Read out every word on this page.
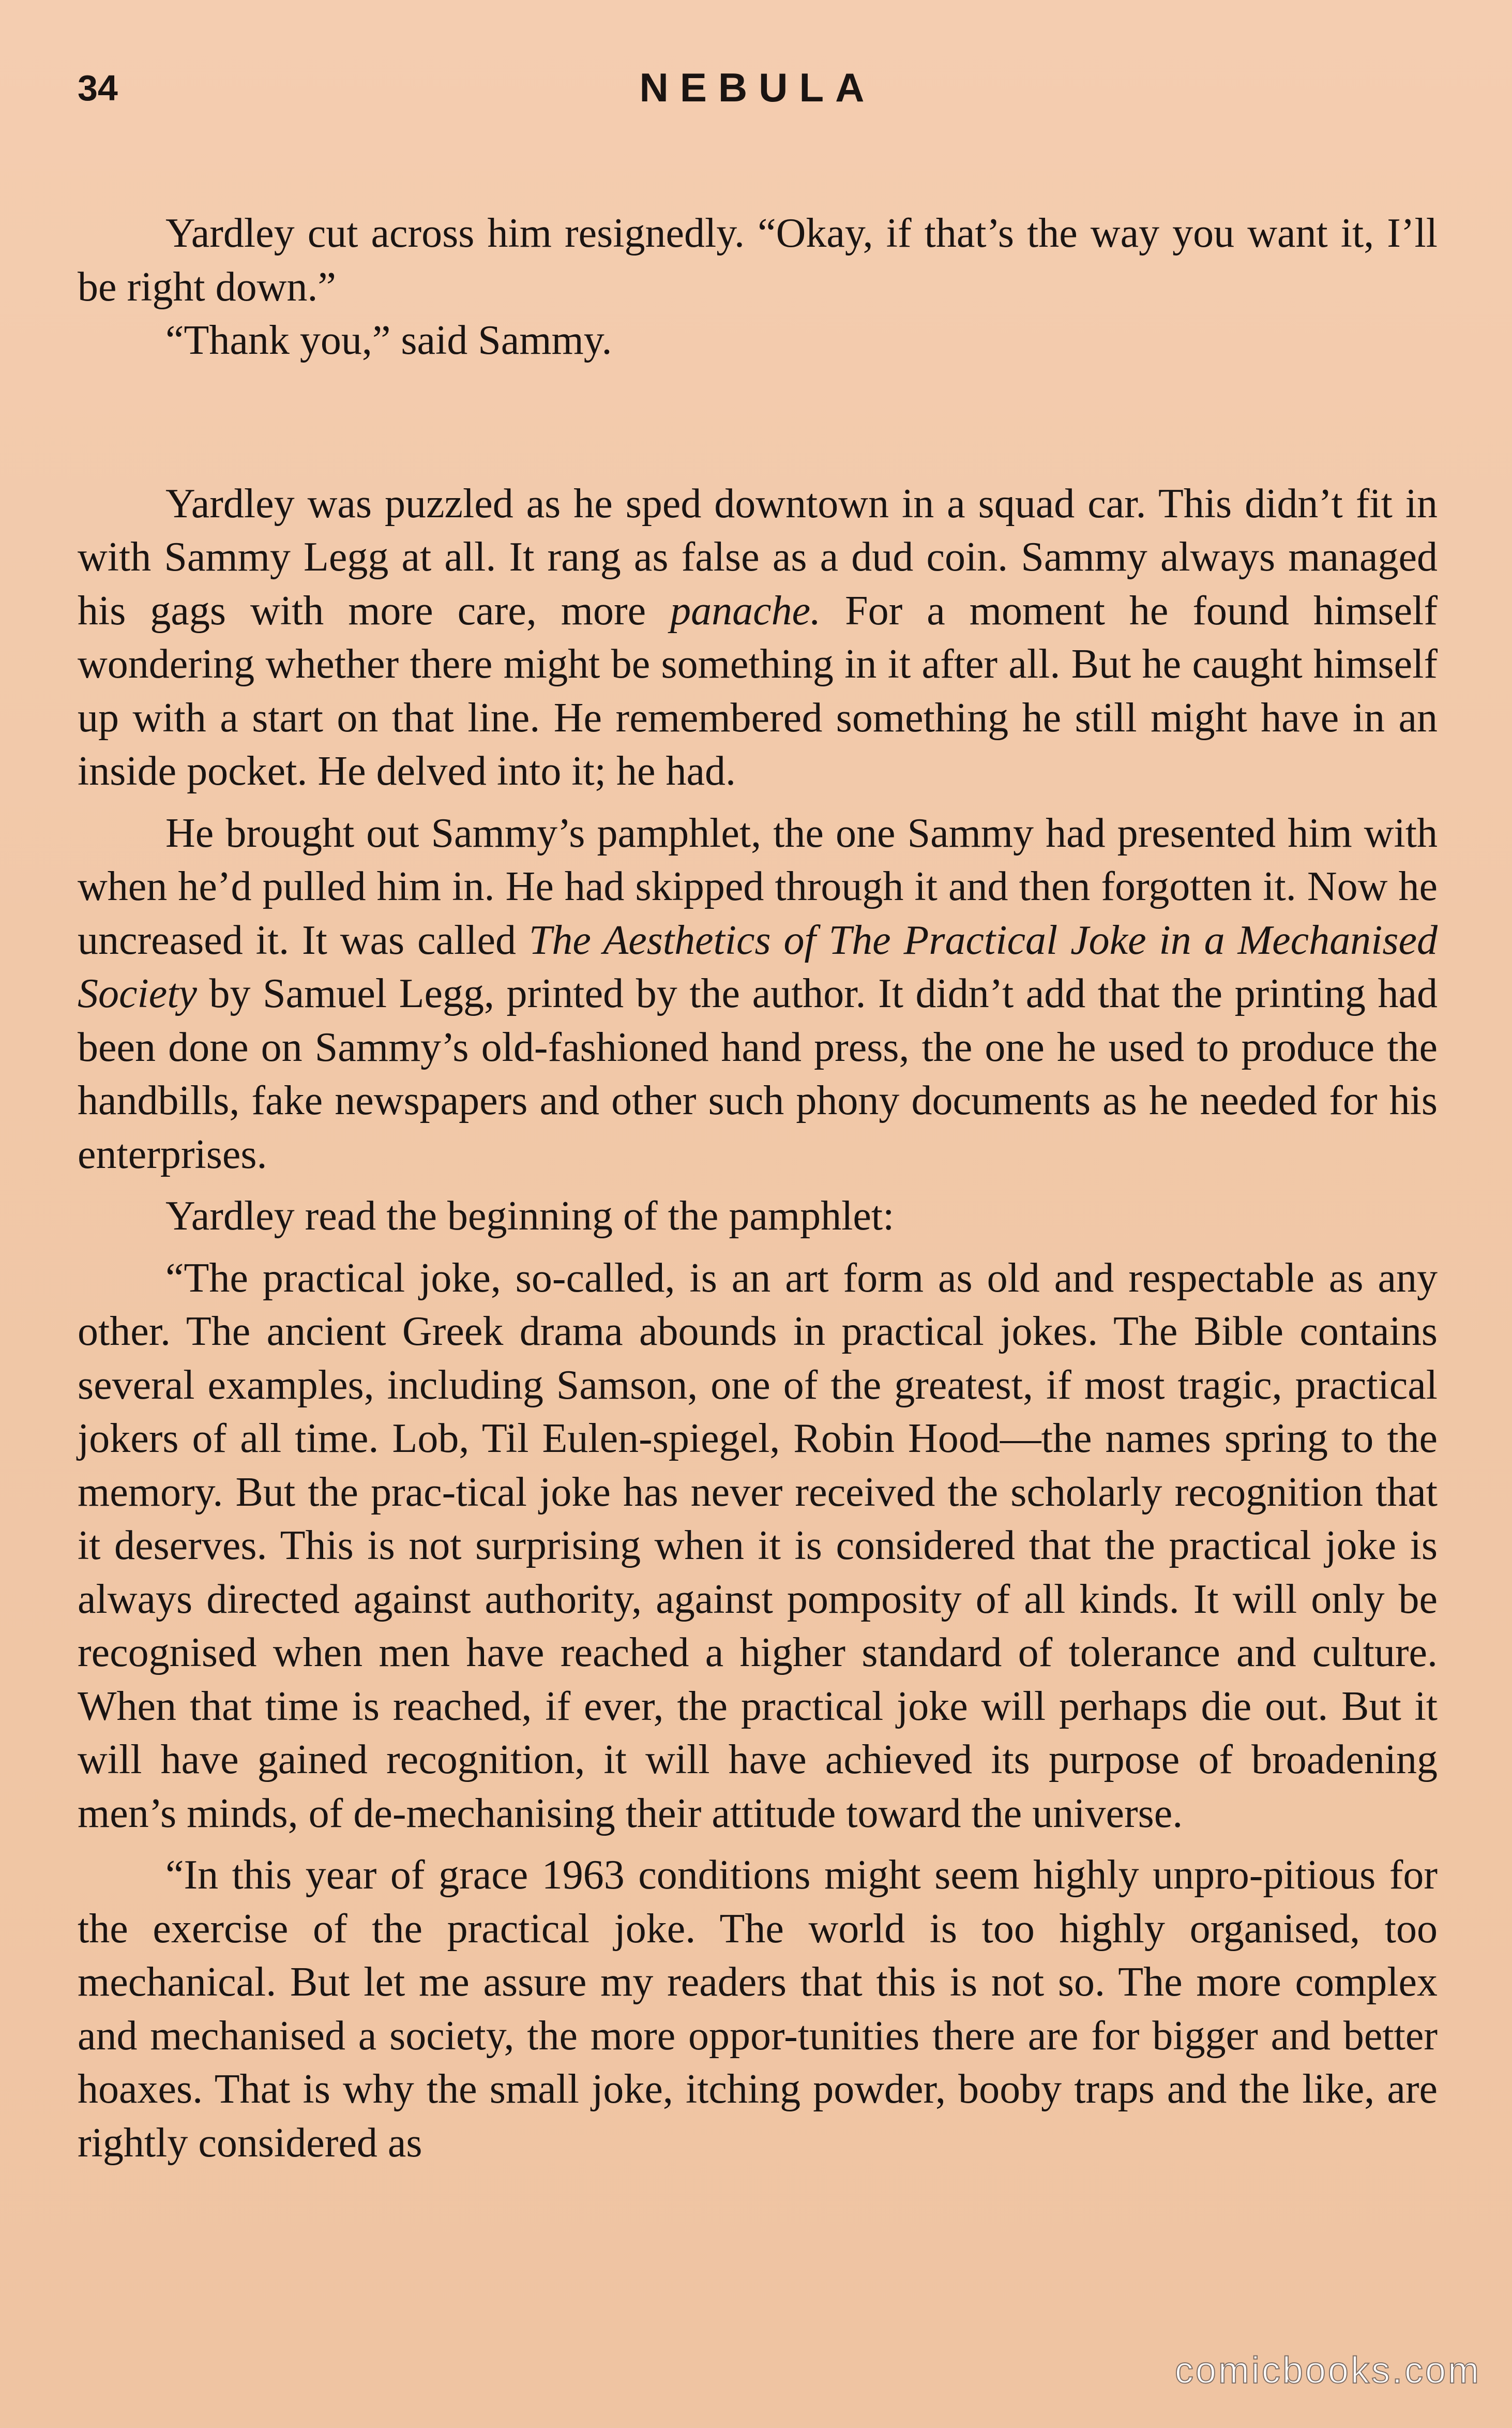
34	NEBULA

Yardley cut across him resignedly. “Okay, if that’s the way you want it, I’ll be right down.”

“Thank you,” said Sammy.

Yardley was puzzled as he sped downtown in a squad car. This didn’t fit in with Sammy Legg at all. It rang as false as a dud coin. Sammy always managed his gags with more care, more panache. For a moment he found himself wondering whether there might be something in it after all. But he caught himself up with a start on that line. He remembered something he still might have in an inside pocket. He delved into it; he had.

He brought out Sammy’s pamphlet, the one Sammy had presented him with when he’d pulled him in. He had skipped through it and then forgotten it. Now he uncreased it. It was called The Aesthetics of The Practical Joke in a Mechanised Society by Samuel Legg, printed by the author. It didn’t add that the printing had been done on Sammy’s old-fashioned hand press, the one he used to produce the handbills, fake newspapers and other such phony documents as he needed for his enterprises.

Yardley read the beginning of the pamphlet:

“The practical joke, so-called, is an art form as old and respectable as any other. The ancient Greek drama abounds in practical jokes. The Bible contains several examples, including Samson, one of the greatest, if most tragic, practical jokers of all time. Lob, Til Eulen-spiegel, Robin Hood—the names spring to the memory. But the prac-tical joke has never received the scholarly recognition that it deserves. This is not surprising when it is considered that the practical joke is always directed against authority, against pomposity of all kinds. It will only be recognised when men have reached a higher standard of tolerance and culture. When that time is reached, if ever, the practical joke will perhaps die out. But it will have gained recognition, it will have achieved its purpose of broadening men’s minds, of de-mechanising their attitude toward the universe.

“In this year of grace 1963 conditions might seem highly unpro-pitious for the exercise of the practical joke. The world is too highly organised, too mechanical. But let me assure my readers that this is not so. The more complex and mechanised a society, the more oppor-tunities there are for bigger and better hoaxes. That is why the small joke, itching powder, booby traps and the like, are rightly considered as

comicbooks.com
